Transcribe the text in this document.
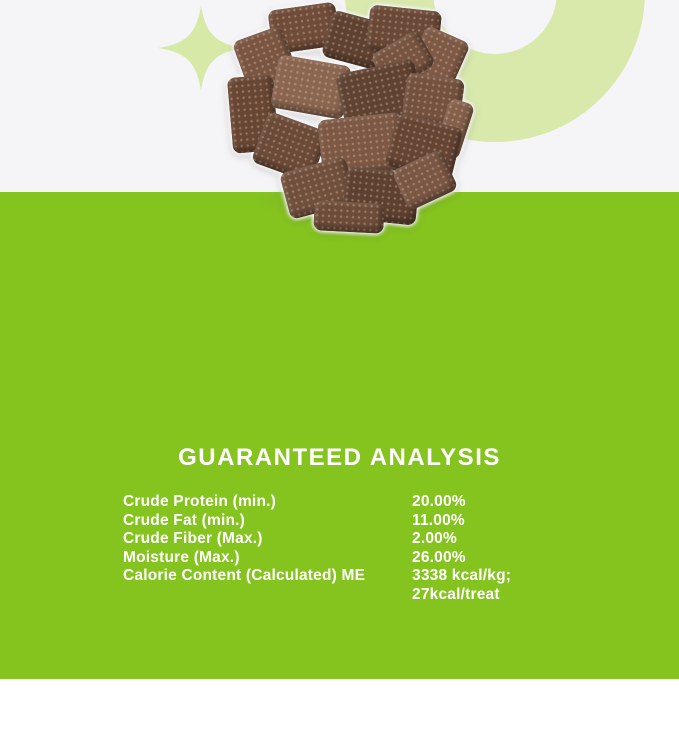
GUARANTEED ANALYSIS
Crude Protein (min.)	20.00%
Crude Fat (min.)	11.00%
Crude Fiber (Max.)	2.00%
Moisture (Max.)	26.00%
Calorie Content (Calculated) ME	3338 kcal/kg; 27kcal/treat
INGREDIENTS
Beef, Lamb, Chicken, Pea flour, vegetable glycerine, cane molasses, salt,
natural smoke flavor, rosemary extract.
